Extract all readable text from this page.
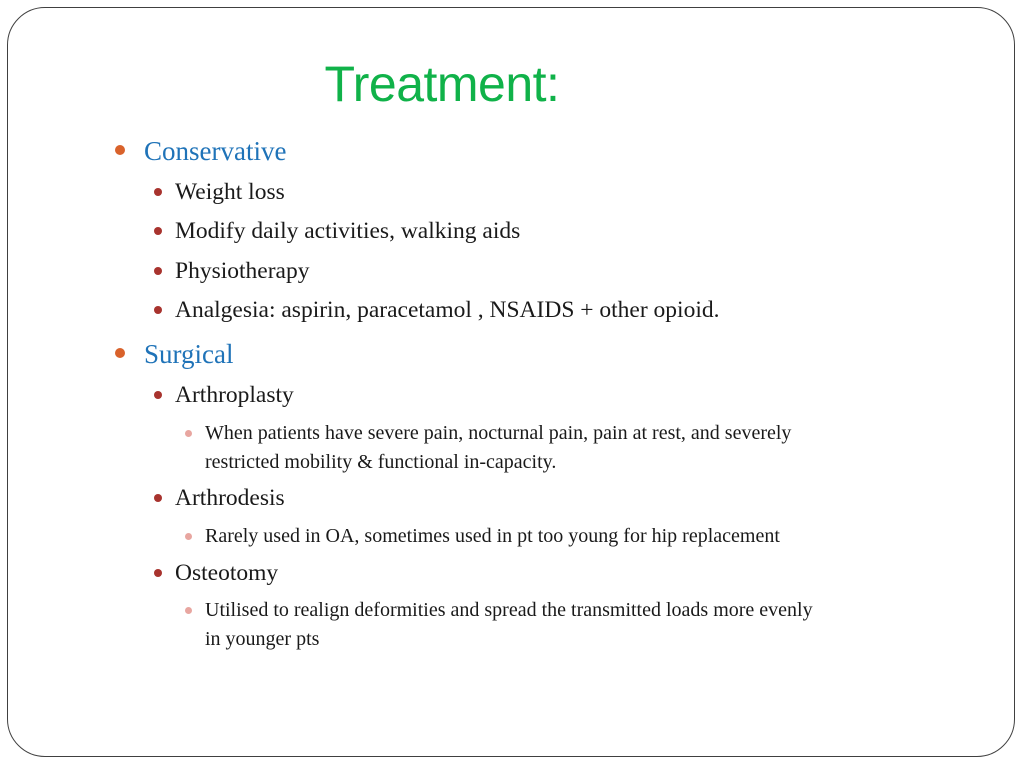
Treatment:
Conservative
Weight loss
Modify daily activities, walking aids
Physiotherapy
Analgesia: aspirin, paracetamol , NSAIDS + other opioid.
Surgical
Arthroplasty
When patients have severe pain, nocturnal pain, pain at rest, and severely
restricted mobility & functional in-capacity.
Arthrodesis
Rarely used in OA, sometimes used in pt too young for hip replacement
Osteotomy
Utilised to realign deformities and spread the transmitted loads more evenly
in younger pts
